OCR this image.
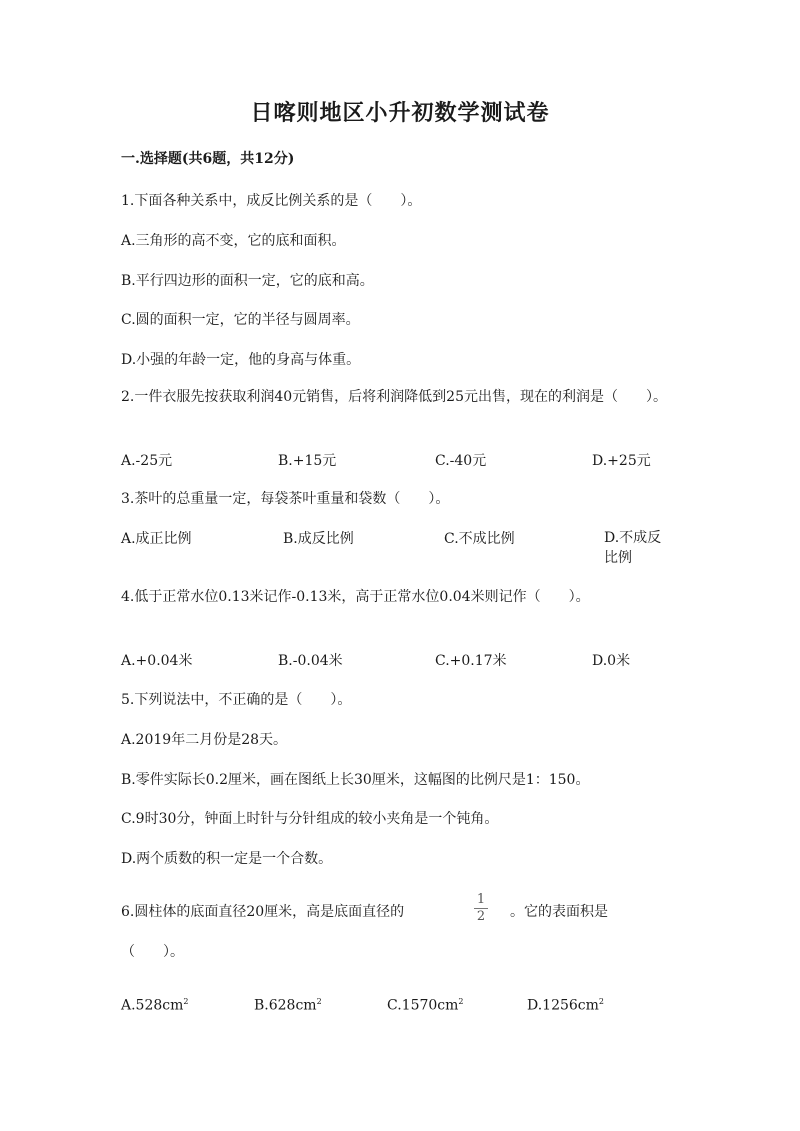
日喀则地区小升初数学测试卷
一.选择题(共6题，共12分)
1.下面各种关系中，成反比例关系的是（　　）。
A.三角形的高不变，它的底和面积。
B.平行四边形的面积一定，它的底和高。
C.圆的面积一定，它的半径与圆周率。
D.小强的年龄一定，他的身高与体重。
2.一件衣服先按获取利润40元销售，后将利润降低到25元出售，现在的利润是（　　）。
A.-25元	B.+15元	C.-40元	D.+25元
3.茶叶的总重量一定，每袋茶叶重量和袋数（　　）。
A.成正比例	B.成反比例	C.不成比例	D.不成反比例
4.低于正常水位0.13米记作-0.13米，高于正常水位0.04米则记作（　　）。
A.+0.04米	B.-0.04米	C.+0.17米	D.0米
5.下列说法中，不正确的是（　　）。
A.2019年二月份是28天。
B.零件实际长0.2厘米，画在图纸上长30厘米，这幅图的比例尺是1：150。
C.9时30分，钟面上时针与分针组成的较小夹角是一个钝角。
D.两个质数的积一定是一个合数。
6.圆柱体的底面直径20厘米，高是底面直径的
1
2 。它的表面积是
（　　）。
$A.528cm^2$	$B.628cm^2$	$C.1570cm^2$	$D.1256cm^2$
